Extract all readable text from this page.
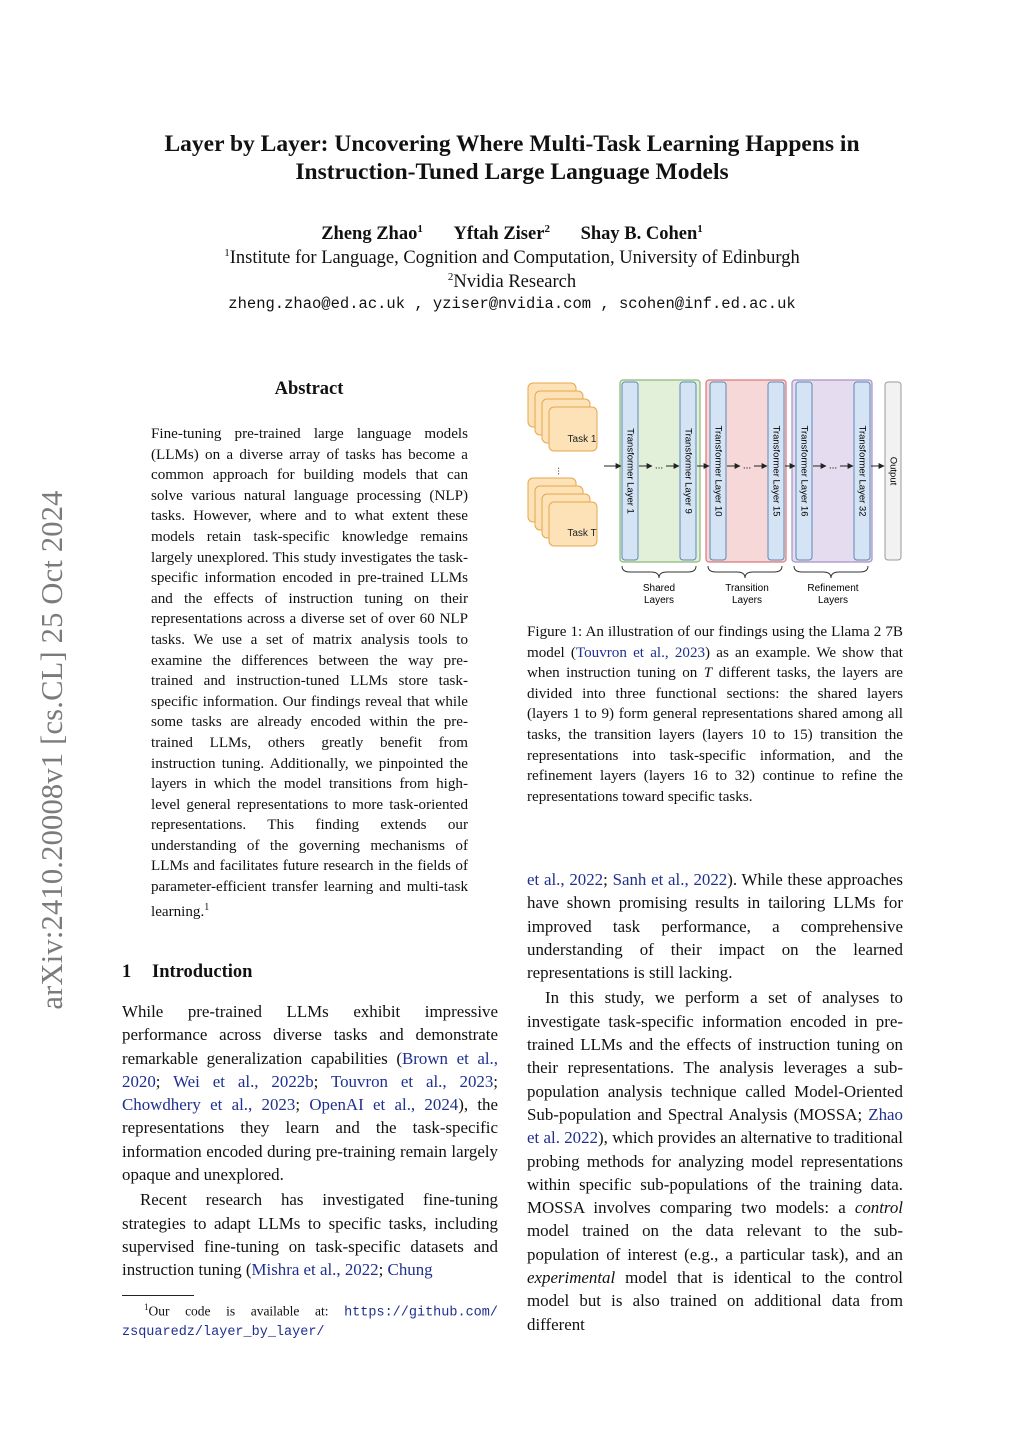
arXiv:2410.20008v1 [cs.CL] 25 Oct 2024
Layer by Layer: Uncovering Where Multi-Task Learning Happens in
Instruction-Tuned Large Language Models
Zheng Zhao$^1$ Yftah Ziser$^2$ Shay B. Cohen$^1$
$^1$Institute for Language, Cognition and Computation, University of Edinburgh
$^2$Nvidia Research
zheng.zhao@ed.ac.uk , yziser@nvidia.com , scohen@inf.ed.ac.uk
Abstract
Fine-tuning pre-trained large language models (LLMs) on a diverse array of tasks has become a common approach for building models that can solve various natural language processing (NLP) tasks. However, where and to what extent these models retain task-specific knowledge remains largely unexplored. This study investigates the task-specific information encoded in pre-trained LLMs and the effects of instruction tuning on their representations across a diverse set of over 60 NLP tasks. We use a set of matrix analysis tools to examine the differences between the way pre-trained and instruction-tuned LLMs store task-specific information. Our findings reveal that while some tasks are already encoded within the pre-trained LLMs, others greatly benefit from instruction tuning. Additionally, we pinpointed the layers in which the model transitions from high-level general representations to more task-oriented representations. This finding extends our understanding of the governing mechanisms of LLMs and facilitates future research in the fields of parameter-efficient transfer learning and multi-task learning.$^1$
1 Introduction

While pre-trained LLMs exhibit impressive performance across diverse tasks and demonstrate remarkable generalization capabilities (Brown et al., 2020; Wei et al., 2022b; Touvron et al., 2023; Chowdhery et al., 2023; OpenAI et al., 2024), the representations they learn and the task-specific information encoded during pre-training remain largely opaque and unexplored.

Recent research has investigated fine-tuning strategies to adapt LLMs to specific tasks, including supervised fine-tuning on task-specific datasets and instruction tuning (Mishra et al., 2022; Chung

$^1$Our code is available at: https://github.com/
zsquaredz/layer_by_layer/
...
Task 1
Task T
Transformer Layer 1	Transformer Layer 9 Transformer Layer 10	Transformer Layer 15 Transformer Layer 16	Transformer Layer 32 Output
...	...	...
Shared
Layers
Transition
Layers
Refinement
Layers
Figure 1: An illustration of our findings using the Llama 2 7B model (Touvron et al., 2023) as an example. We show that when instruction tuning on T different tasks, the layers are divided into three functional sections: the shared layers (layers 1 to 9) form general representations shared among all tasks, the transition layers (layers 10 to 15) transition the representations into task-specific information, and the refinement layers (layers 16 to 32) continue to refine the representations toward specific tasks.

et al., 2022; Sanh et al., 2022). While these approaches have shown promising results in tailoring LLMs for improved task performance, a comprehensive understanding of their impact on the learned representations is still lacking.

In this study, we perform a set of analyses to investigate task-specific information encoded in pre-trained LLMs and the effects of instruction tuning on their representations. The analysis leverages a sub-population analysis technique called Model-Oriented Sub-population and Spectral Analysis (MOSSA; Zhao et al. 2022), which provides an alternative to traditional probing methods for analyzing model representations within specific sub-populations of the training data. MOSSA involves comparing two models: a control model trained on the data relevant to the sub-population of interest (e.g., a particular task), and an experimental model that is identical to the control model but is also trained on additional data from different
